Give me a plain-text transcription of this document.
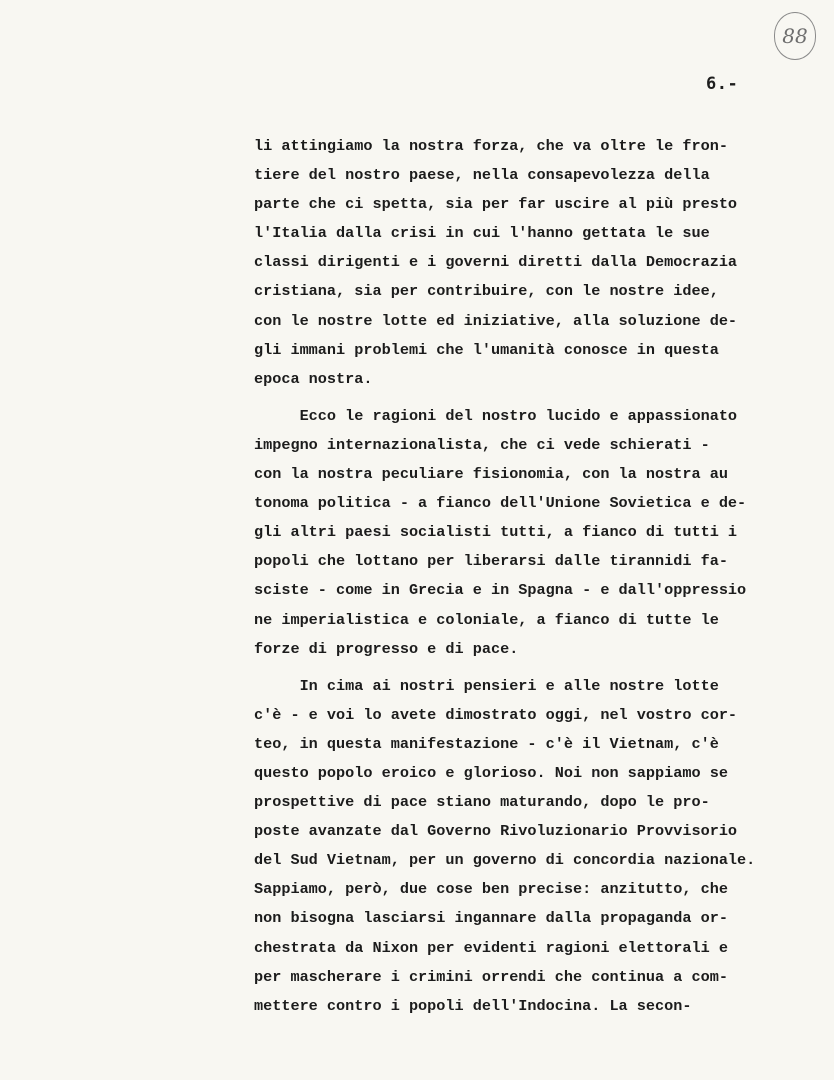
88
6.-
li attingiamo la nostra forza, che va oltre le fron-
tiere del nostro paese, nella consapevolezza della
parte che ci spetta, sia per far uscire al più presto
l'Italia dalla crisi in cui l'hanno gettata le sue
classi dirigenti e i governi diretti dalla Democrazia
cristiana, sia per contribuire, con le nostre idee,
con le nostre lotte ed iniziative, alla soluzione de-
gli immani problemi che l'umanità conosce in questa
epoca nostra.
Ecco le ragioni del nostro lucido e appassionato
impegno internazionalista, che ci vede schierati -
con la nostra peculiare fisionomia, con la nostra au
tonoma politica - a fianco dell'Unione Sovietica e de-
gli altri paesi socialisti tutti, a fianco di tutti i
popoli che lottano per liberarsi dalle tirannidi fa-
sciste - come in Grecia e in Spagna - e dall'oppressio
ne imperialistica e coloniale, a fianco di tutte le
forze di progresso e di pace.
In cima ai nostri pensieri e alle nostre lotte
c'è - e voi lo avete dimostrato oggi, nel vostro cor-
teo, in questa manifestazione - c'è il Vietnam, c'è
questo popolo eroico e glorioso. Noi non sappiamo se
prospettive di pace stiano maturando, dopo le pro-
poste avanzate dal Governo Rivoluzionario Provvisorio
del Sud Vietnam, per un governo di concordia nazionale.
Sappiamo, però, due cose ben precise: anzitutto, che
non bisogna lasciarsi ingannare dalla propaganda or-
chestrata da Nixon per evidenti ragioni elettorali e
per mascherare i crimini orrendi che continua a com-
mettere contro i popoli dell'Indocina. La secon-
